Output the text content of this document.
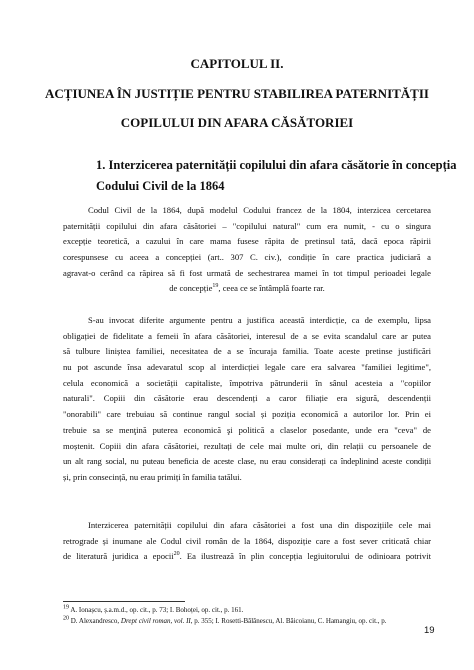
CAPITOLUL II.
ACȚIUNEA ÎN JUSTIȚIE PENTRU STABILIREA PATERNITĂȚII
COPILULUI DIN AFARA CĂSĂTORIEI
1. Interzicerea paternității copilului din afara căsătorie în concepția
Codului Civil de la 1864
Codul Civil de la 1864, după modelul Codului francez de la 1804, interzicea cercetarea
paternității copilului din afara căsătoriei – "copilului natural" cum era numit, - cu o singura
excepție teoretică, a cazului în care mama fusese răpita de pretinsul tată, dacă epoca răpirii
corespunsese cu aceea a concepției (art.. 307 C. civ.), condiție în care practica judiciară a
agravat-o cerând ca răpirea să fi fost urmată de sechestrarea mamei în tot timpul perioadei legale
de concepție$^{19}$, ceea ce se întâmplă foarte rar.
S-au invocat diferite argumente pentru a justifica această interdicție, ca de exemplu, lipsa
obligației de fidelitate a femeii în afara căsătoriei, interesul de a se evita scandalul care ar putea
să tulbure liniștea familiei, necesitatea de a se încuraja familia. Toate aceste pretinse justificări
nu pot ascunde însa adevaratul scop al interdicției legale care era salvarea "familiei legitime",
celula economică a societății capitaliste, împotriva pătrunderii în sânul acesteia a "copiilor
naturali". Copiii din căsătorie erau descendenți a caror filiație era sigură, descendenții
"onorabili" care trebuiau să continue rangul social și poziția economică a autorilor lor. Prin ei
trebuie sa se menţină puterea economică şi politică a claselor posedante, unde era "ceva" de
moștenit. Copiii din afara căsătoriei, rezultați de cele mai multe ori, din relații cu persoanele de
un alt rang social, nu puteau beneficia de aceste clase, nu erau considerați ca îndeplinind aceste condiții
și, prin consecință, nu erau primiți în familia tatălui.
Interzicerea paternității copilului din afara căsătoriei a fost una din dispozițiile cele mai
retrograde și inumane ale Codul civil român de la 1864, dispoziție care a fost sever criticată chiar
de literatură juridica a epocii$^{20}$. Ea ilustrează în plin concepția legiuitorului de odinioara potrivit
$^{19}$ A. Ionașcu, ș.a.m.d., op. cit., p. 73; I. Bohoței, op. cit., p. 161.
$^{20}$ D. Alexandresco, Drept civil roman, vol. II, p. 355; I. Rosetti-Bălănescu, Al. Băicoianu, C. Hamangiu, op. cit., p.
19
